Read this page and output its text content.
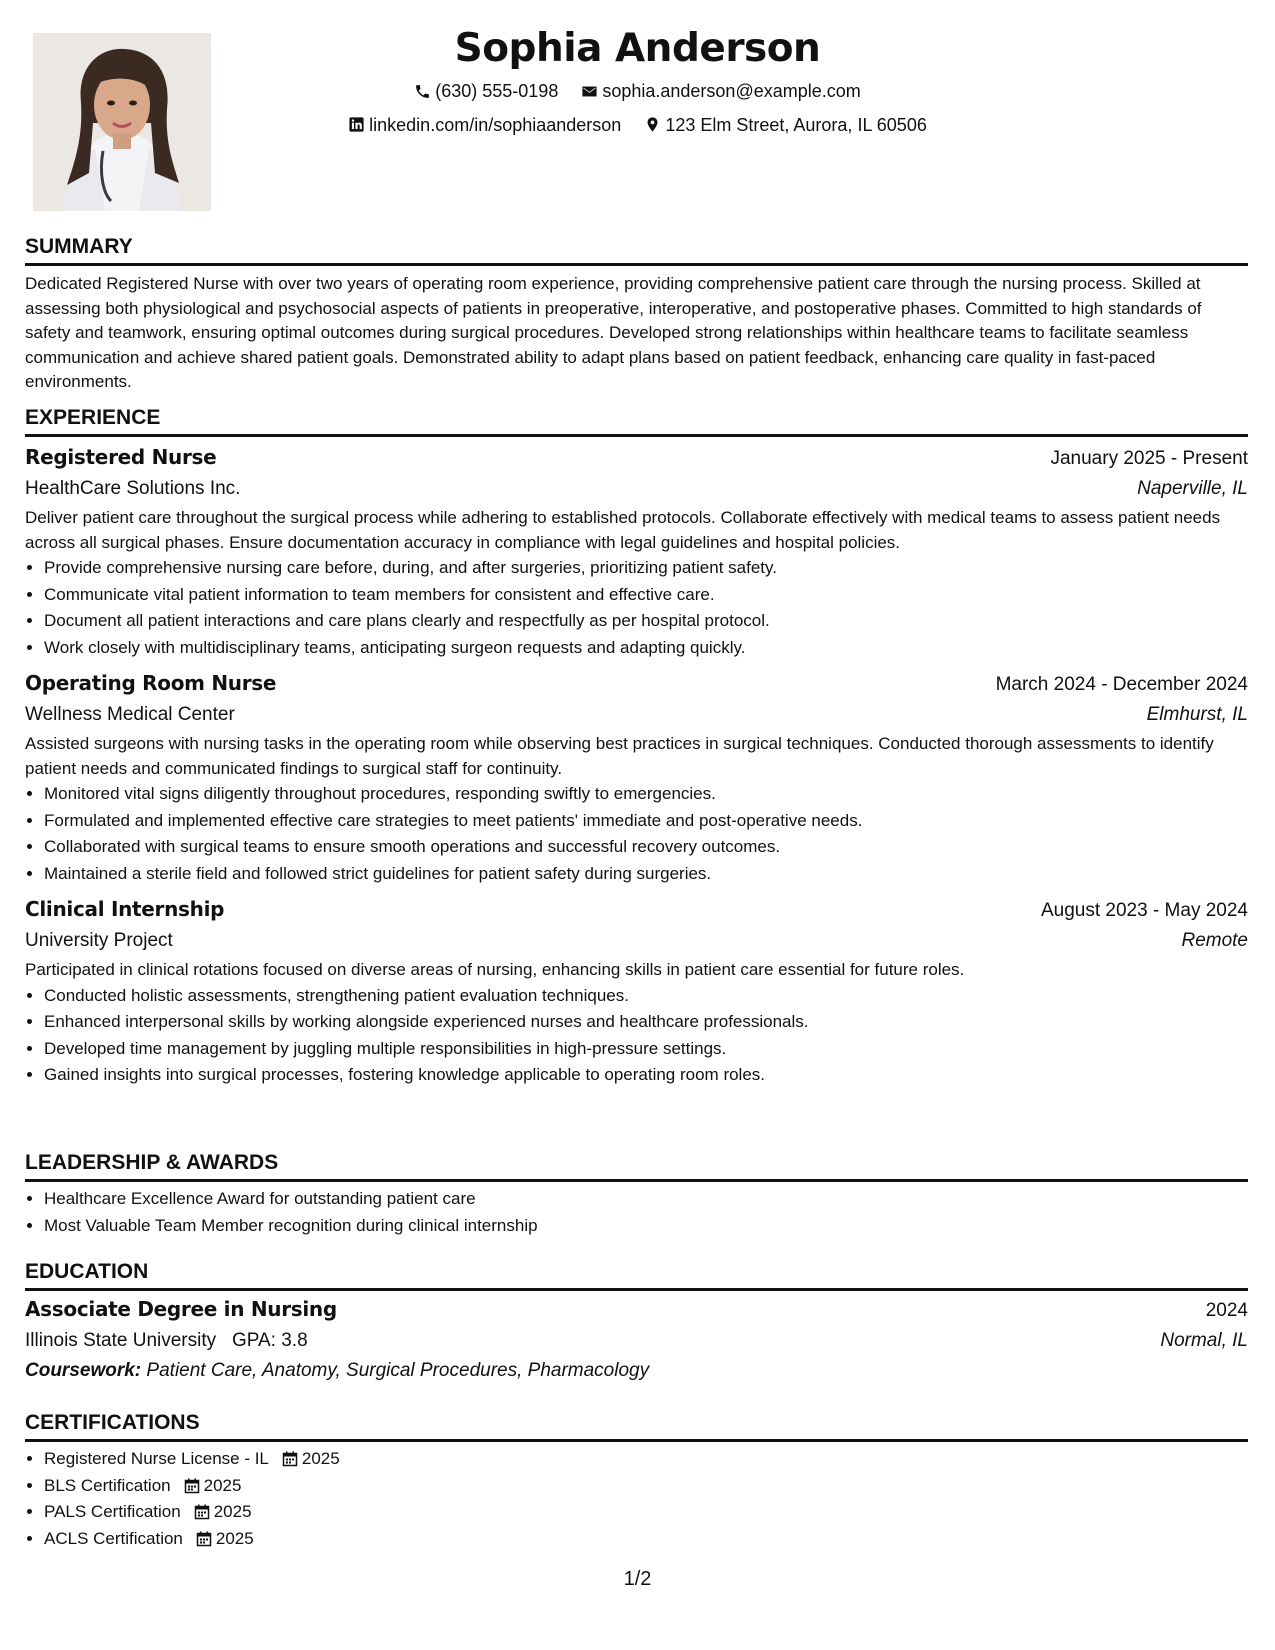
Sophia Anderson
(630) 555-0198
sophia.anderson@example.com
linkedin.com/in/sophiaanderson
123 Elm Street, Aurora, IL 60506
SUMMARY

Dedicated Registered Nurse with over two years of operating room experience, providing comprehensive patient care through the nursing process. Skilled at assessing both physiological and psychosocial aspects of patients in preoperative, interoperative, and postoperative phases. Committed to high standards of safety and teamwork, ensuring optimal outcomes during surgical procedures. Developed strong relationships within healthcare teams to facilitate seamless communication and achieve shared patient goals. Demonstrated ability to adapt plans based on patient feedback, enhancing care quality in fast-paced environments.

EXPERIENCE
Registered Nurse	January 2025 - Present
HealthCare Solutions Inc.	Naperville, IL

Deliver patient care throughout the surgical process while adhering to established protocols. Collaborate effectively with medical teams to assess patient needs across all surgical phases. Ensure documentation accuracy in compliance with legal guidelines and hospital policies.

• Provide comprehensive nursing care before, during, and after surgeries, prioritizing patient safety.
• Communicate vital patient information to team members for consistent and effective care.
• Document all patient interactions and care plans clearly and respectfully as per hospital protocol.
• Work closely with multidisciplinary teams, anticipating surgeon requests and adapting quickly.
Operating Room Nurse	March 2024 - December 2024
Wellness Medical Center	Elmhurst, IL

Assisted surgeons with nursing tasks in the operating room while observing best practices in surgical techniques. Conducted thorough assessments to identify patient needs and communicated findings to surgical staff for continuity.

• Monitored vital signs diligently throughout procedures, responding swiftly to emergencies.
• Formulated and implemented effective care strategies to meet patients' immediate and post-operative needs.
• Collaborated with surgical teams to ensure smooth operations and successful recovery outcomes.
• Maintained a sterile field and followed strict guidelines for patient safety during surgeries.
Clinical Internship	August 2023 - May 2024
University Project	Remote

Participated in clinical rotations focused on diverse areas of nursing, enhancing skills in patient care essential for future roles.

• Conducted holistic assessments, strengthening patient evaluation techniques.
• Enhanced interpersonal skills by working alongside experienced nurses and healthcare professionals.
• Developed time management by juggling multiple responsibilities in high-pressure settings.
• Gained insights into surgical processes, fostering knowledge applicable to operating room roles.
LEADERSHIP & AWARDS
• Healthcare Excellence Award for outstanding patient care
• Most Valuable Team Member recognition during clinical internship
EDUCATION
Associate Degree in Nursing	2024
Illinois State University GPA: 3.8	Normal, IL
Coursework: Patient Care, Anatomy, Surgical Procedures, Pharmacology
CERTIFICATIONS
• Registered Nurse License - IL 2025
• BLS Certification 2025
• PALS Certification 2025
• ACLS Certification 2025
1/2
